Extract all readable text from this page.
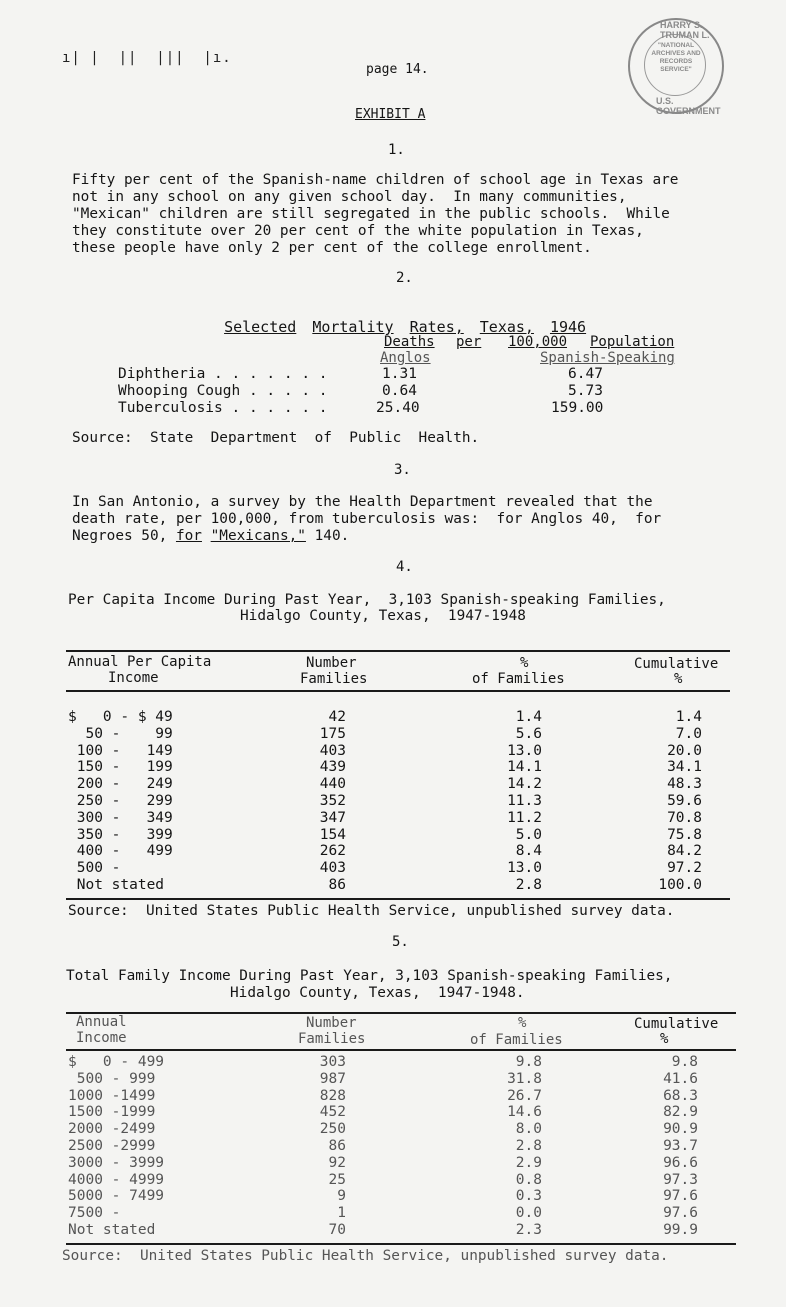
ı| |  ||  |||  |ı.
page 14.
EXHIBIT A
HARRY S. TRUMAN L.
"NATIONAL
ARCHIVES AND
RECORDS
SERVICE"
U.S. GOVERNMENT
1.
Fifty per cent of the Spanish-name children of school age in Texas are
not in any school on any given school day.  In many communities,
"Mexican" children are still segregated in the public schools.  While
they constitute over 20 per cent of the white population in Texas,
these people have only 2 per cent of the college enrollment.
2.

Selected Mortality Rates, Texas, 1946

Deaths per 100,000 Population
Anglos	Spanish-Speaking
Diphtheria . . . . . . .	1.31	6.47
Whooping Cough . . . . .	0.64	5.73
Tuberculosis . . . . . .	25.40	159.00
Source:  State  Department  of  Public  Health.
3.
In San Antonio, a survey by the Health Department revealed that the
death rate, per 100,000, from tuberculosis was:  for Anglos 40,  for
Negroes 50, for "Mexicans," 140.
4.
Per Capita Income During Past Year,  3,103 Spanish-speaking Families,
Hidalgo County, Texas,  1947-1948
Annual Per Capita
Income
Number
Families
%
of Families
Cumulative
%
$   0 - $ 49	42	1.4	1.4
50 -    99	175	5.6	7.0
100 -   149	403	13.0	20.0
150 -   199	439	14.1	34.1
200 -   249	440	14.2	48.3
250 -   299	352	11.3	59.6
300 -   349	347	11.2	70.8
350 -   399	154	5.0	75.8
400 -   499	262	8.4	84.2
500 -	403	13.0	97.2
Not stated	86	2.8	100.0
Source:  United States Public Health Service, unpublished survey data.
5.
Total Family Income During Past Year, 3,103 Spanish-speaking Families,
Hidalgo County, Texas,  1947-1948.
Annual
Income
Number
Families
%
of Families
Cumulative
%
$   0 - 499	303	9.8	9.8
500 - 999	987	31.8	41.6
1000 -1499	828	26.7	68.3
1500 -1999	452	14.6	82.9
2000 -2499	250	8.0	90.9
2500 -2999	86	2.8	93.7
3000 - 3999	92	2.9	96.6
4000 - 4999	25	0.8	97.3
5000 - 7499	9	0.3	97.6
7500 -	1	0.0	97.6
Not stated	70	2.3	99.9
Source:  United States Public Health Service, unpublished survey data.
